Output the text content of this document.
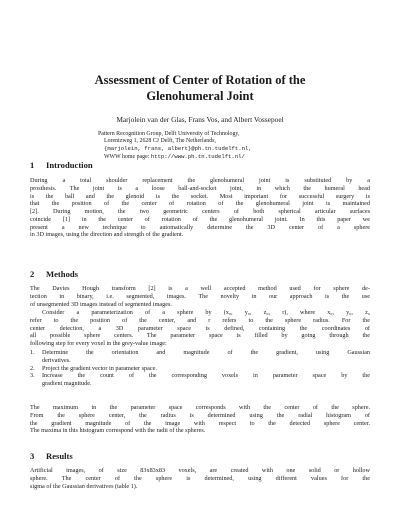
Assessment of Center of Rotation of the
Glenohumeral Joint
Marjolein van der Glas, Frans Vos, and Albert Vossepoel
Pattern Recognition Group, Delft University of Technology,
Lorentzweg 1, 2628 CJ Delft, The Netherlands,
{marjolein, frans, albert}@ph.tn.tudelft.nl,
WWW home page: http://www.ph.tn.tudelft.nl/
1 Introduction
During a total shoulder replacement the glenohumeral joint is substituted by a
prosthesis. The joint is a loose ball-and-socket joint, in which the humeral head
is the ball and the glenoid is the socket. Most important for successful surgery is
that the position of the center of rotation of the glenohumeral joint is maintained
[2]. During motion, the two geometric centers of both spherical articular surfaces
coincide [1] in the center of rotation of the glenohumeral joint. In this paper we
present a new technique to automatically determine the 3D center of a sphere
in 3D images, using the direction and strength of the gradient.
2 Methods
The Davies Hough transform [2] is a well accepted method used for sphere de-
tection in binary, i.e. segmented, images. The novelty in our approach is the use
of unsegmented 3D images instead of segmented images.
Consider a parameterization of a sphere by (x₀, y₀, z₀, r), where x₀, y₀, z₀
refer to the position of the center, and r refers to the sphere radius. For the
center detection, a 3D parameter space is defined, containing the coordinates of
all possible sphere centers. The parameter space is filled by going through the
following step for every voxel in the grey-value image:
1. Determine the orientation and magnitude of the gradient, using Gaussian
derivatives.
2. Project the gradient vector in parameter space.
3. Increase the count of the corresponding voxels in parameter space by the
gradient magnitude.
The maximum in the parameter space corresponds with the center of the sphere.
From the sphere center, the radius is determined using the radial histogram of
the gradient magnitude of the image with respect to the detected sphere center.
The maxima in this histogram correspond with the radii of the spheres.
3 Results
Artificial images, of size 83x83x83 voxels, are created with one solid or hollow
sphere. The center of the sphere is determined, using different values for the
sigma of the Gaussian derivatives (table 1).
